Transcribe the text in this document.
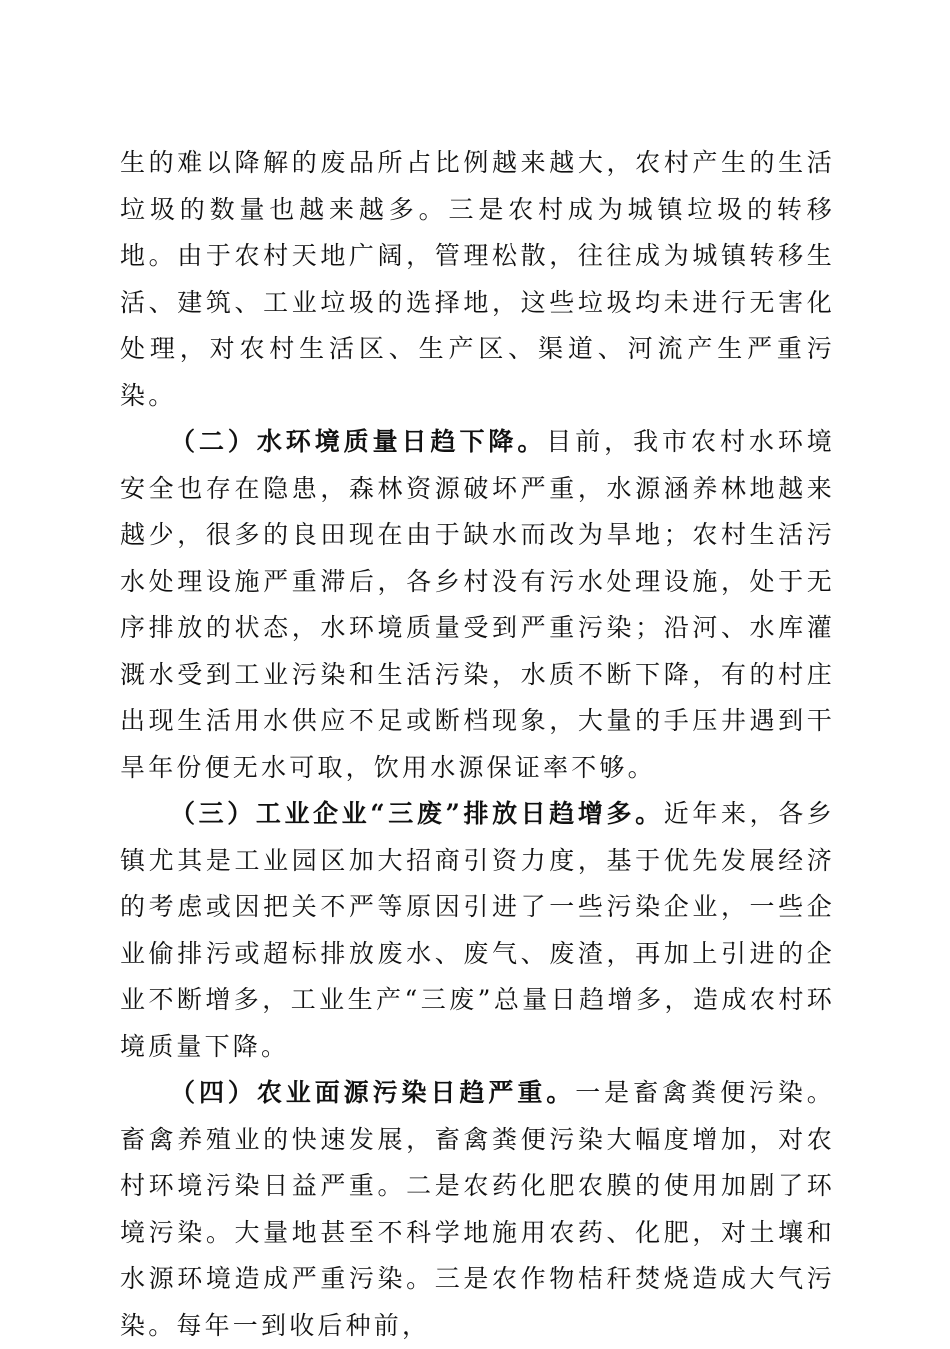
生的难以降解的废品所占比例越来越大，农村产生的生活垃圾的数量也越来越多。三是农村成为城镇垃圾的转移地。由于农村天地广阔，管理松散，往往成为城镇转移生活、建筑、工业垃圾的选择地，这些垃圾均未进行无害化处理，对农村生活区、生产区、渠道、河流产生严重污染。

（二）水环境质量日趋下降。目前，我市农村水环境安全也存在隐患，森林资源破坏严重，水源涵养林地越来越少，很多的良田现在由于缺水而改为旱地；农村生活污水处理设施严重滞后，各乡村没有污水处理设施，处于无序排放的状态，水环境质量受到严重污染；沿河、水库灌溉水受到工业污染和生活污染，水质不断下降，有的村庄出现生活用水供应不足或断档现象，大量的手压井遇到干旱年份便无水可取，饮用水源保证率不够。

（三）工业企业“三废”排放日趋增多。近年来，各乡镇尤其是工业园区加大招商引资力度，基于优先发展经济的考虑或因把关不严等原因引进了一些污染企业，一些企业偷排污或超标排放废水、废气、废渣，再加上引进的企业不断增多，工业生产“三废”总量日趋增多，造成农村环境质量下降。

（四）农业面源污染日趋严重。一是畜禽粪便污染。畜禽养殖业的快速发展，畜禽粪便污染大幅度增加，对农村环境污染日益严重。二是农药化肥农膜的使用加剧了环境污染。大量地甚至不科学地施用农药、化肥，对土壤和水源环境造成严重污染。三是农作物桔秆焚烧造成大气污染。每年一到收后种前，
